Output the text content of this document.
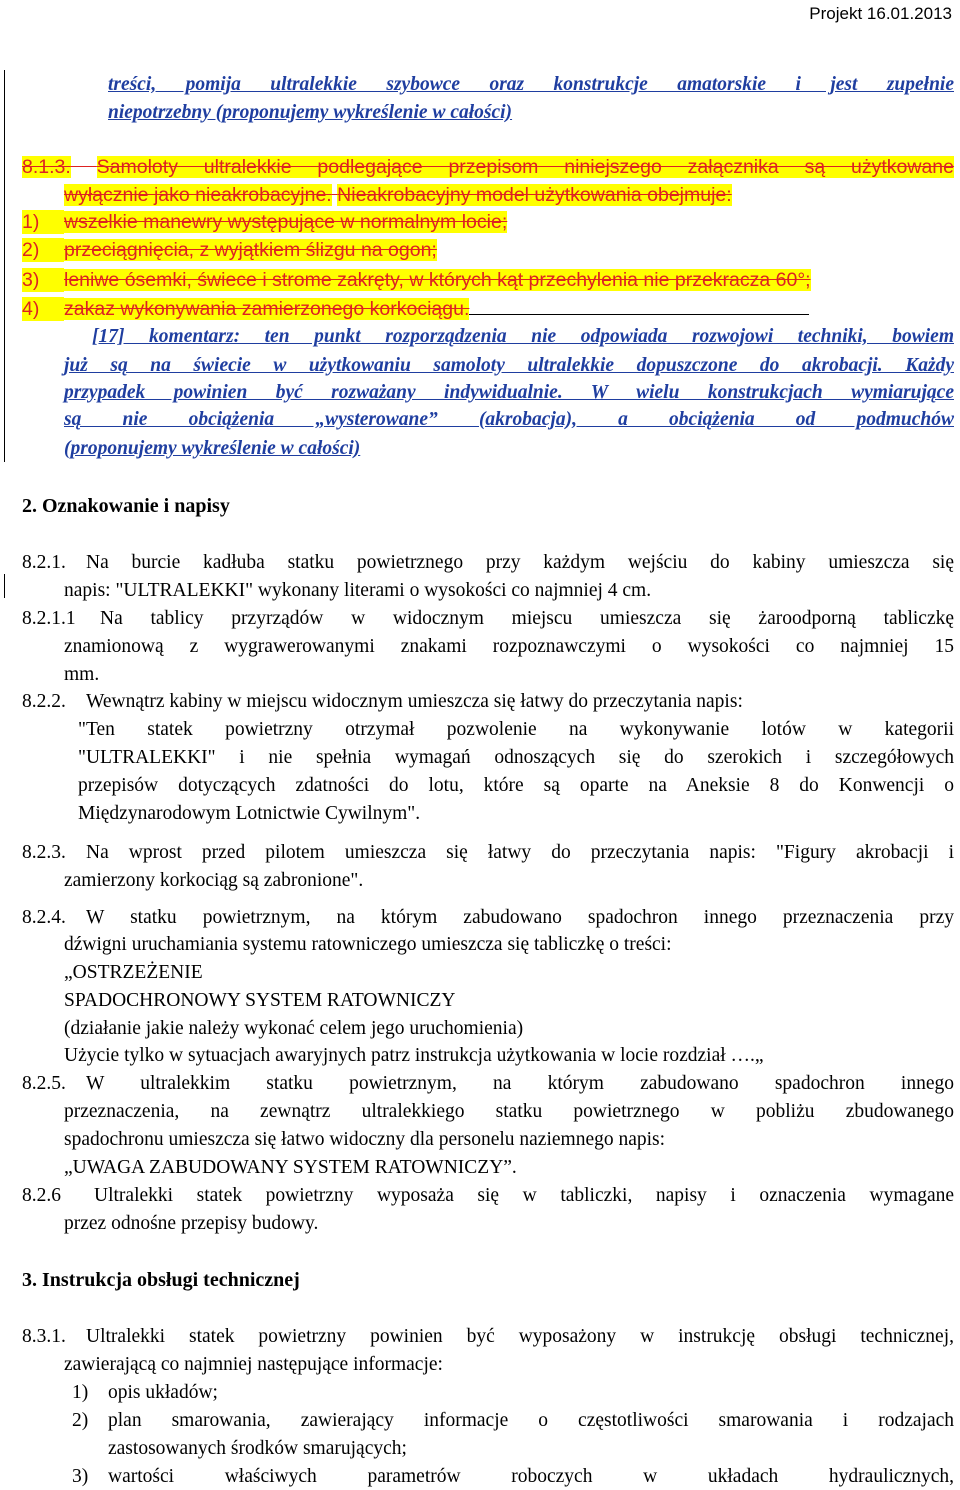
Projekt 16.01.2013
treści, pomija ultralekkie szybowce oraz konstrukcje amatorskie i jest zupełnie
niepotrzebny (proponujemy wykreślenie w całości)
8.1.3. Samoloty ultralekkie podlegające przepisom niniejszego załącznika są użytkowane
wyłącznie jako nieakrobacyjne. Nieakrobacyjny model użytkowania obejmuje:
1) wszelkie manewry występujące w normalnym locie;
2) przeciągnięcia, z wyjątkiem ślizgu na ogon;
3) leniwe ósemki, świece i strome zakręty, w których kąt przechylenia nie przekracza 60°;
4) zakaz wykonywania zamierzonego korkociągu.
[17] komentarz: ten punkt rozporządzenia nie odpowiada rozwojowi techniki, bowiem
już są na świecie w użytkowaniu samoloty ultralekkie dopuszczone do akrobacji. Każdy
przypadek powinien być rozważany indywidualnie. W wielu konstrukcjach wymiarujące
są nie obciążenia „wysterowane” (akrobacja), a obciążenia od podmuchów
(proponujemy wykreślenie w całości)
2. Oznakowanie i napisy
8.2.1. Na burcie kadłuba statku powietrznego przy każdym wejściu do kabiny umieszcza się
napis: "ULTRALEKKI" wykonany literami o wysokości co najmniej 4 cm.
8.2.1.1 Na tablicy przyrządów w widocznym miejscu umieszcza się żaroodporną tabliczkę
znamionową z wygrawerowanymi znakami rozpoznawczymi o wysokości co najmniej 15
mm.
8.2.2. Wewnątrz kabiny w miejscu widocznym umieszcza się łatwy do przeczytania napis:
"Ten statek powietrzny otrzymał pozwolenie na wykonywanie lotów w kategorii
"ULTRALEKKI" i nie spełnia wymagań odnoszących się do szerokich i szczegółowych
przepisów dotyczących zdatności do lotu, które są oparte na Aneksie 8 do Konwencji o
Międzynarodowym Lotnictwie Cywilnym".
8.2.3. Na wprost przed pilotem umieszcza się łatwy do przeczytania napis: "Figury akrobacji i
zamierzony korkociąg są zabronione".
8.2.4. W statku powietrznym, na którym zabudowano spadochron innego przeznaczenia przy
dźwigni uruchamiania systemu ratowniczego umieszcza się tabliczkę o treści:
„OSTRZEŻENIE
SPADOCHRONOWY SYSTEM RATOWNICZY
(działanie jakie należy wykonać celem jego uruchomienia)
Użycie tylko w sytuacjach awaryjnych patrz instrukcja użytkowania w locie rozdział ….„
8.2.5. W ultralekkim statku powietrznym, na którym zabudowano spadochron innego
przeznaczenia, na zewnątrz ultralekkiego statku powietrznego w pobliżu zbudowanego
spadochronu umieszcza się łatwo widoczny dla personelu naziemnego napis:
„UWAGA ZABUDOWANY SYSTEM RATOWNICZY”.
8.2.6 Ultralekki statek powietrzny wyposaża się w tabliczki, napisy i oznaczenia wymagane
przez odnośne przepisy budowy.
3. Instrukcja obsługi technicznej
8.3.1. Ultralekki statek powietrzny powinien być wyposażony w instrukcję obsługi technicznej,
zawierającą co najmniej następujące informacje:
1) opis układów;
2) plan smarowania, zawierający informacje o częstotliwości smarowania i rodzajach
zastosowanych środków smarujących;
3) wartości właściwych parametrów roboczych w układach hydraulicznych,
